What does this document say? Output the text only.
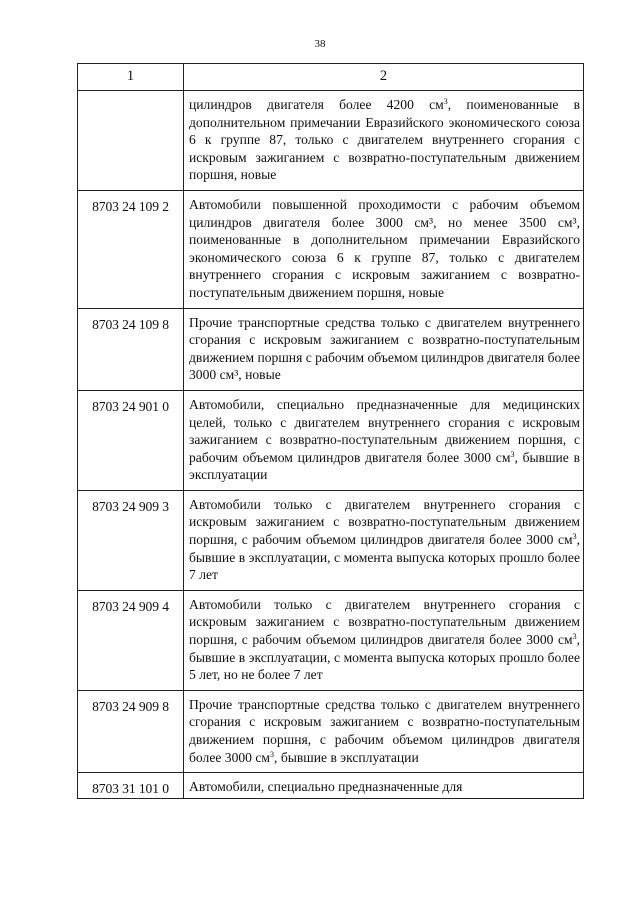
38
1	2
	цилиндров двигателя более 4200 $см^3$, поименованные в дополнительном примечании Евразийского экономического союза 6 к группе 87, только с двигателем внутреннего сгорания с искровым зажиганием с возвратно-поступательным движением поршня, новые
8703 24 109 2	Автомобили повышенной проходимости с рабочим объемом цилиндров двигателя более 3000 см³, но менее 3500 см³, поименованные в дополнительном примечании Евразийского экономического союза 6 к группе 87, только с двигателем внутреннего сгорания с искровым зажиганием с возвратно-поступательным движением поршня, новые
8703 24 109 8	Прочие транспортные средства только с двигателем внутреннего сгорания с искровым зажиганием с возвратно-поступательным движением поршня с рабочим объемом цилиндров двигателя более 3000 см³, новые
8703 24 901 0	Автомобили, специально предназначенные для медицинских целей, только с двигателем внутреннего сгорания с искровым зажиганием с возвратно-поступательным движением поршня, с рабочим объемом цилиндров двигателя более 3000 $см^3$, бывшие в эксплуатации
8703 24 909 3	Автомобили только с двигателем внутреннего сгорания с искровым зажиганием с возвратно-поступательным движением поршня, с рабочим объемом цилиндров двигателя более 3000 $см^3$, бывшие в эксплуатации, с момента выпуска которых прошло более 7 лет
8703 24 909 4	Автомобили только с двигателем внутреннего сгорания с искровым зажиганием с возвратно-поступательным движением поршня, с рабочим объемом цилиндров двигателя более 3000 $см^3$, бывшие в эксплуатации, с момента выпуска которых прошло более 5 лет, но не более 7 лет
8703 24 909 8	Прочие транспортные средства только с двигателем внутреннего сгорания с искровым зажиганием с возвратно-поступательным движением поршня, с рабочим объемом цилиндров двигателя более 3000 $см^3$, бывшие в эксплуатации
8703 31 101 0	Автомобили, специально предназначенные для
